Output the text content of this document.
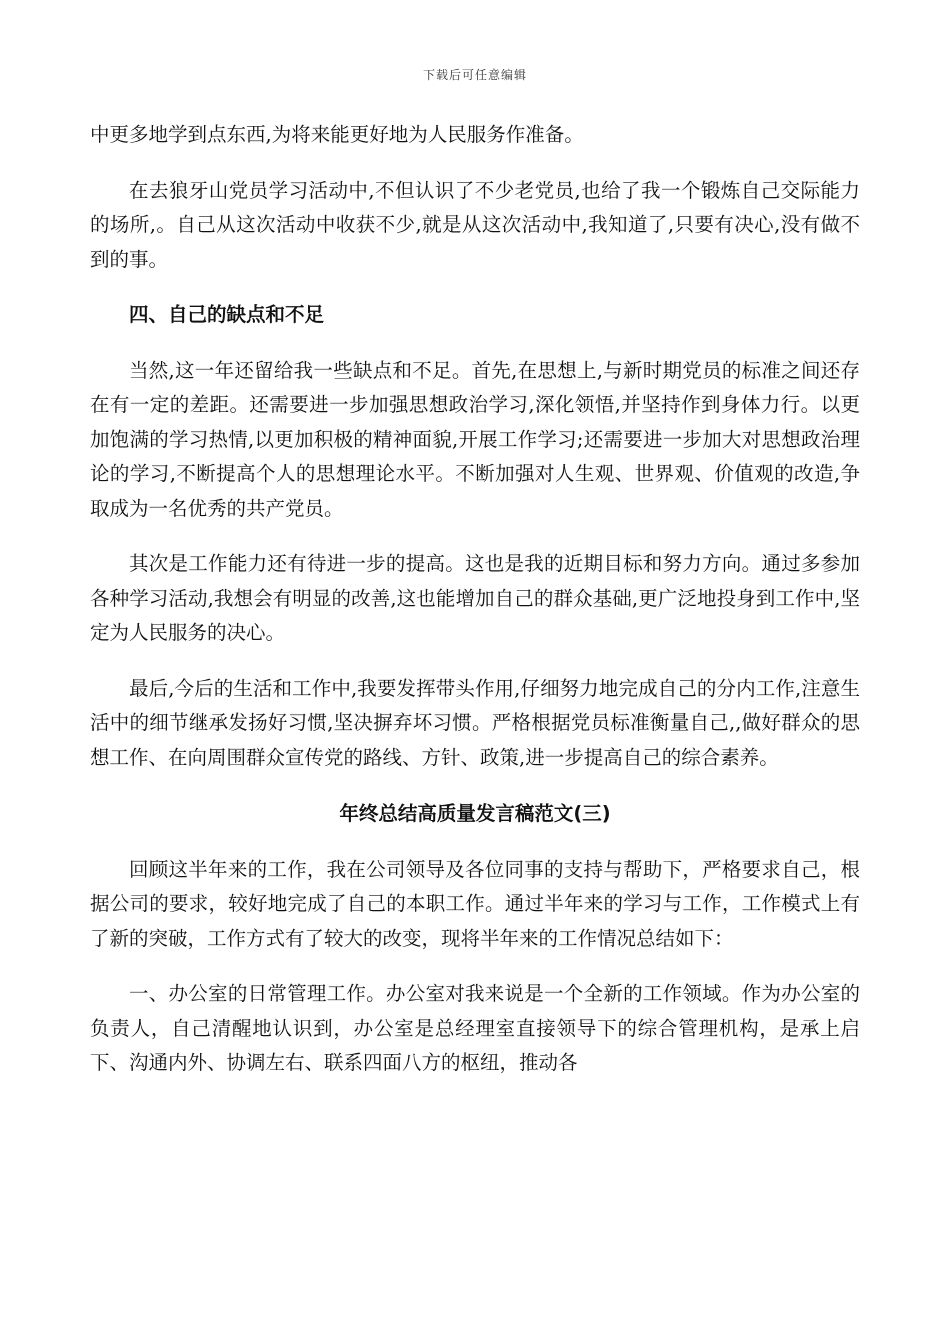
下载后可任意编辑

中更多地学到点东西,为将来能更好地为人民服务作准备。

在去狼牙山党员学习活动中,不但认识了不少老党员,也给了我一个锻炼自己交际能力的场所,。自己从这次活动中收获不少,就是从这次活动中,我知道了,只要有决心,没有做不到的事。

四、自己的缺点和不足

当然,这一年还留给我一些缺点和不足。首先,在思想上,与新时期党员的标准之间还存在有一定的差距。还需要进一步加强思想政治学习,深化领悟,并坚持作到身体力行。以更加饱满的学习热情,以更加积极的精神面貌,开展工作学习;还需要进一步加大对思想政治理论的学习,不断提高个人的思想理论水平。不断加强对人生观、世界观、价值观的改造,争取成为一名优秀的共产党员。

其次是工作能力还有待进一步的提高。这也是我的近期目标和努力方向。通过多参加各种学习活动,我想会有明显的改善,这也能增加自己的群众基础,更广泛地投身到工作中,坚定为人民服务的决心。

最后,今后的生活和工作中,我要发挥带头作用,仔细努力地完成自己的分内工作,注意生活中的细节继承发扬好习惯,坚决摒弃坏习惯。严格根据党员标准衡量自己,,做好群众的思想工作、在向周围群众宣传党的路线、方针、政策,进一步提高自己的综合素养。

年终总结高质量发言稿范文(三)

回顾这半年来的工作，我在公司领导及各位同事的支持与帮助下，严格要求自己，根据公司的要求，较好地完成了自己的本职工作。通过半年来的学习与工作，工作模式上有了新的突破，工作方式有了较大的改变，现将半年来的工作情况总结如下：

一、办公室的日常管理工作。办公室对我来说是一个全新的工作领域。作为办公室的负责人，自己清醒地认识到，办公室是总经理室直接领导下的综合管理机构，是承上启下、沟通内外、协调左右、联系四面八方的枢纽，推动各
